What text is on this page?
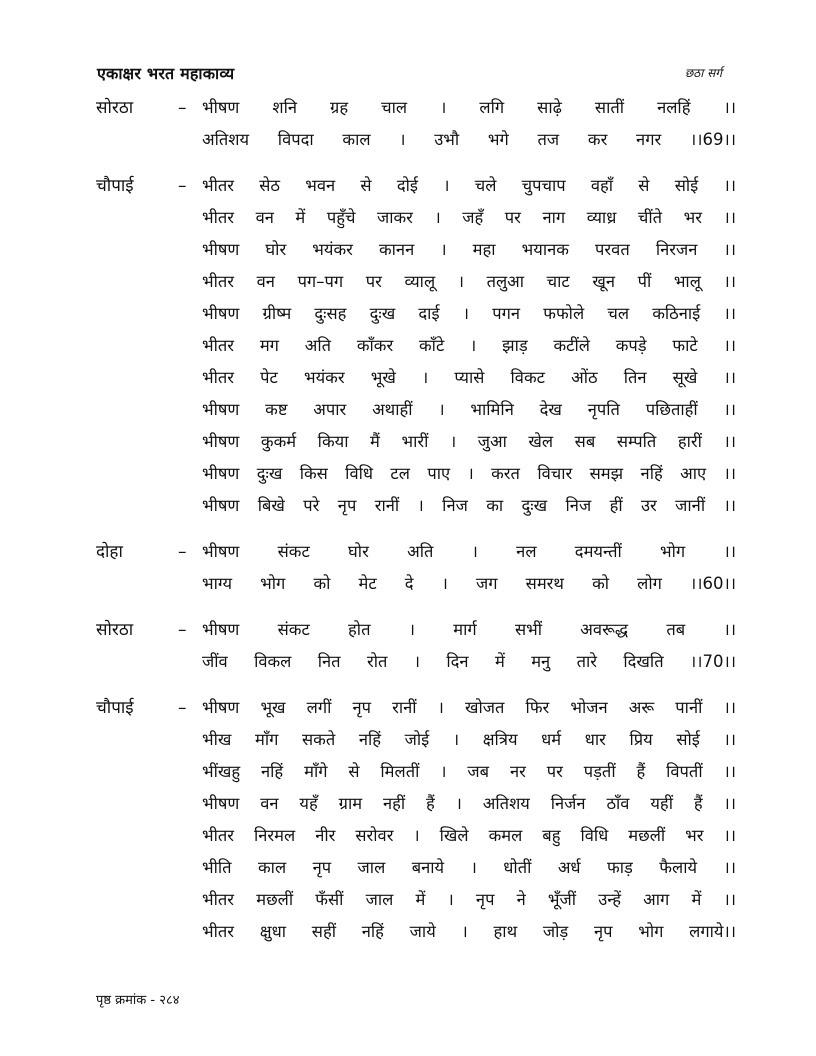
एकाक्षर भरत महाकाव्य	छठा सर्ग
सोरठा	– भीषण शनि ग्रह चाल । लगि साढ़े सातीं नलहिं ।।
अतिशय विपदा काल । उभौ भगे तज कर नगर ।।69।।
चौपाई	– भीतर सेठ भवन से दोई । चले चुपचाप वहाँ से सोई ।।
भीतर वन में पहुँचे जाकर । जहँ पर नाग व्याध्र चींते भर ।।
भीषण घोर भयंकर कानन । महा भयानक परवत निरजन ।।
भीतर वन पग–पग पर व्यालू । तलुआ चाट खून पीं भालू ।।
भीषण ग्रीष्म दुःसह दुःख दाई । पगन फफोले चल कठिनाई ।।
भीतर मग अति काँकर काँटे । झाड़ कटींले कपड़े फाटे ।।
भीतर पेट भयंकर भूखे । प्यासे विकट ओंठ तिन सूखे ।।
भीषण कष्ट अपार अथाहीं । भामिनि देख नृपति पछिताहीं ।।
भीषण कुकर्म किया मैं भारीं । जुआ खेल सब सम्पति हारीं ।।
भीषण दुःख किस विधि टल पाए । करत विचार समझ नहिं आए ।।
भीषण बिखे परे नृप रानीं । निज का दुःख निज हीं उर जानीं ।।
दोहा	– भीषण संकट घोर अति । नल दमयन्तीं भोग ।।
भाग्य भोग को मेट दे । जग समरथ को लोग ।।60।।
सोरठा	– भीषण संकट होत । मार्ग सभीं अवरूद्ध तब ।।
जींव विकल नित रोत । दिन में मनु तारे दिखति ।।70।।
चौपाई	– भीषण भूख लगीं नृप रानीं । खोजत फिर भोजन अरू पानीं ।।
भीख माँग सकते नहिं जोई । क्षत्रिय धर्म धार प्रिय सोई ।।
भींखहु नहिं माँगे से मिलतीं । जब नर पर पड़तीं हैं विपतीं ।।
भीषण वन यहँ ग्राम नहीं हैं । अतिशय निर्जन ठाँव यहीं हैं ।।
भीतर निरमल नीर सरोवर । खिले कमल बहु विधि मछलीं भर ।।
भीति काल नृप जाल बनाये । धोतीं अर्ध फाड़ फैलाये ।।
भीतर मछलीं फँसीं जाल में । नृप ने भूँजीं उन्हें आग में ।।
भीतर क्षुधा सहीं नहिं जाये । हाथ जोड़ नृप भोग लगाये।।
पृष्ठ क्रमांक - २८४
